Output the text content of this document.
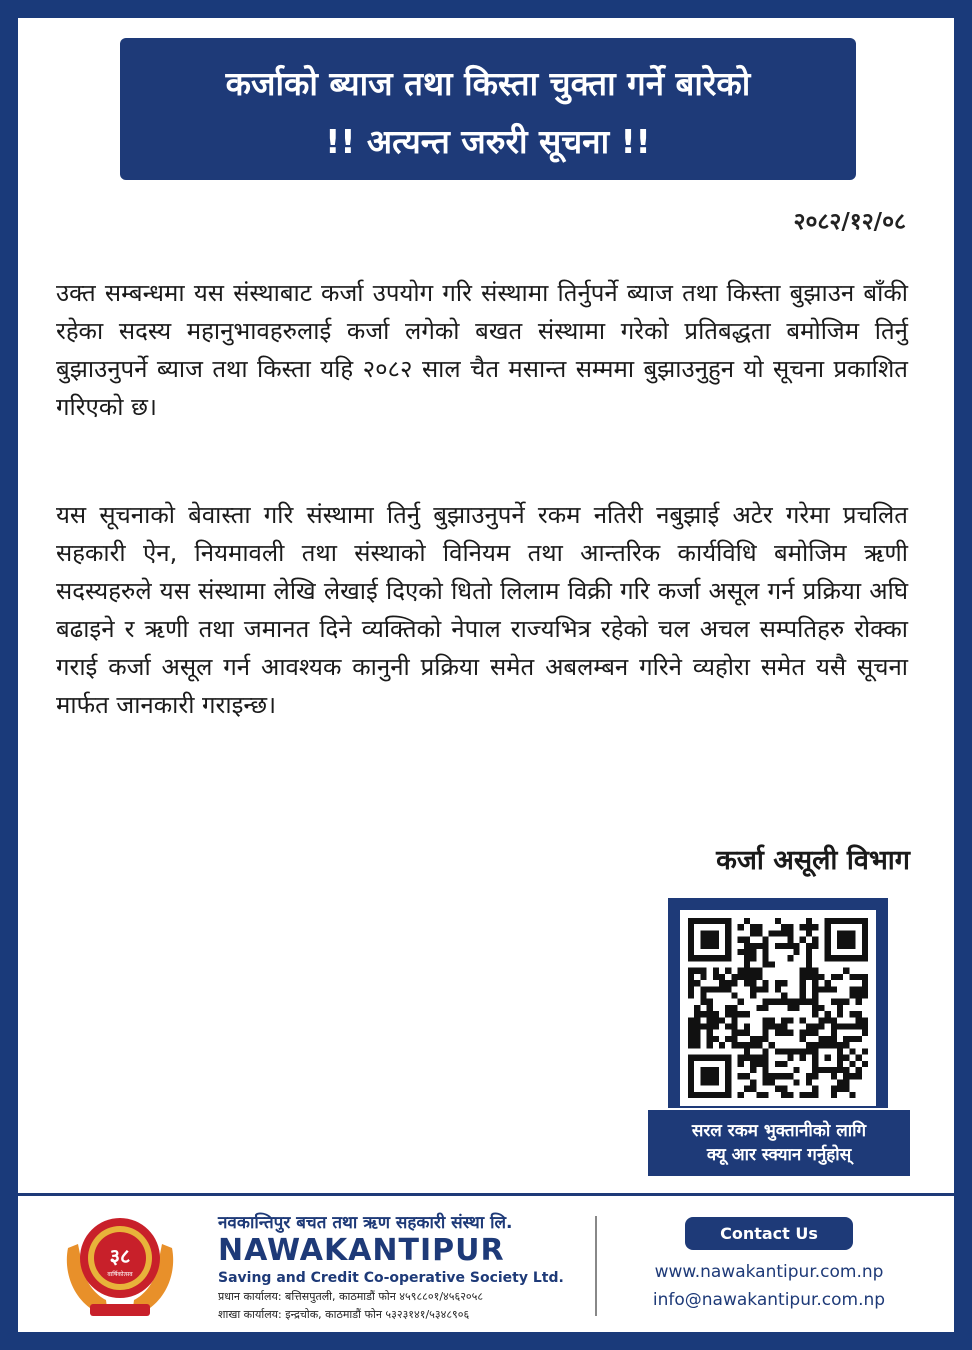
कर्जाको ब्याज तथा किस्ता चुक्ता गर्ने बारेको
!! अत्यन्त जरुरी सूचना !!
२०८२/१२/०८
उक्त सम्बन्धमा यस संस्थाबाट कर्जा उपयोग गरि संस्थामा तिर्नुपर्ने ब्याज तथा किस्ता बुझाउन बाँकी रहेका सदस्य महानुभावहरुलाई कर्जा लगेको बखत संस्थामा गरेको प्रतिबद्धता बमोजिम तिर्नु बुझाउनुपर्ने ब्याज तथा किस्ता यहि २०८२ साल चैत मसान्त सम्ममा बुझाउनुहुन यो सूचना प्रकाशित गरिएको छ।
यस सूचनाको बेवास्ता गरि संस्थामा तिर्नु बुझाउनुपर्ने रकम नतिरी नबुझाई अटेर गरेमा प्रचलित सहकारी ऐन, नियमावली तथा संस्थाको विनियम तथा आन्तरिक कार्यविधि बमोजिम ऋणी सदस्यहरुले यस संस्थामा लेखि लेखाई दिएको धितो लिलाम विक्री गरि कर्जा असूल गर्न प्रक्रिया अघि बढाइने र ऋणी तथा जमानत दिने व्यक्तिको नेपाल राज्यभित्र रहेको चल अचल सम्पतिहरु रोक्का गराई कर्जा असूल गर्न आवश्यक कानुनी प्रक्रिया समेत अबलम्बन गरिने व्यहोरा समेत यसै सूचना मार्फत जानकारी गराइन्छ।
कर्जा असूली विभाग
सरल रकम भुक्तानीको लागि
क्यू आर स्क्यान गर्नुहोस्
३८
वार्षिकोत्सव
नवकान्तिपुर बचत तथा ऋण सहकारी संस्था लि.
NAWAKANTIPUR
Saving and Credit Co-operative Society Ltd.
प्रधान कार्यालय: बत्तिसपुतली, काठमाडौं फोन ४५९८८०१/४५६२०५८
शाखा कार्यालय: इन्द्रचोक, काठमाडौं फोन ५३२३१४१/५३४८९०६
Contact Us
www.nawakantipur.com.np
info@nawakantipur.com.np
